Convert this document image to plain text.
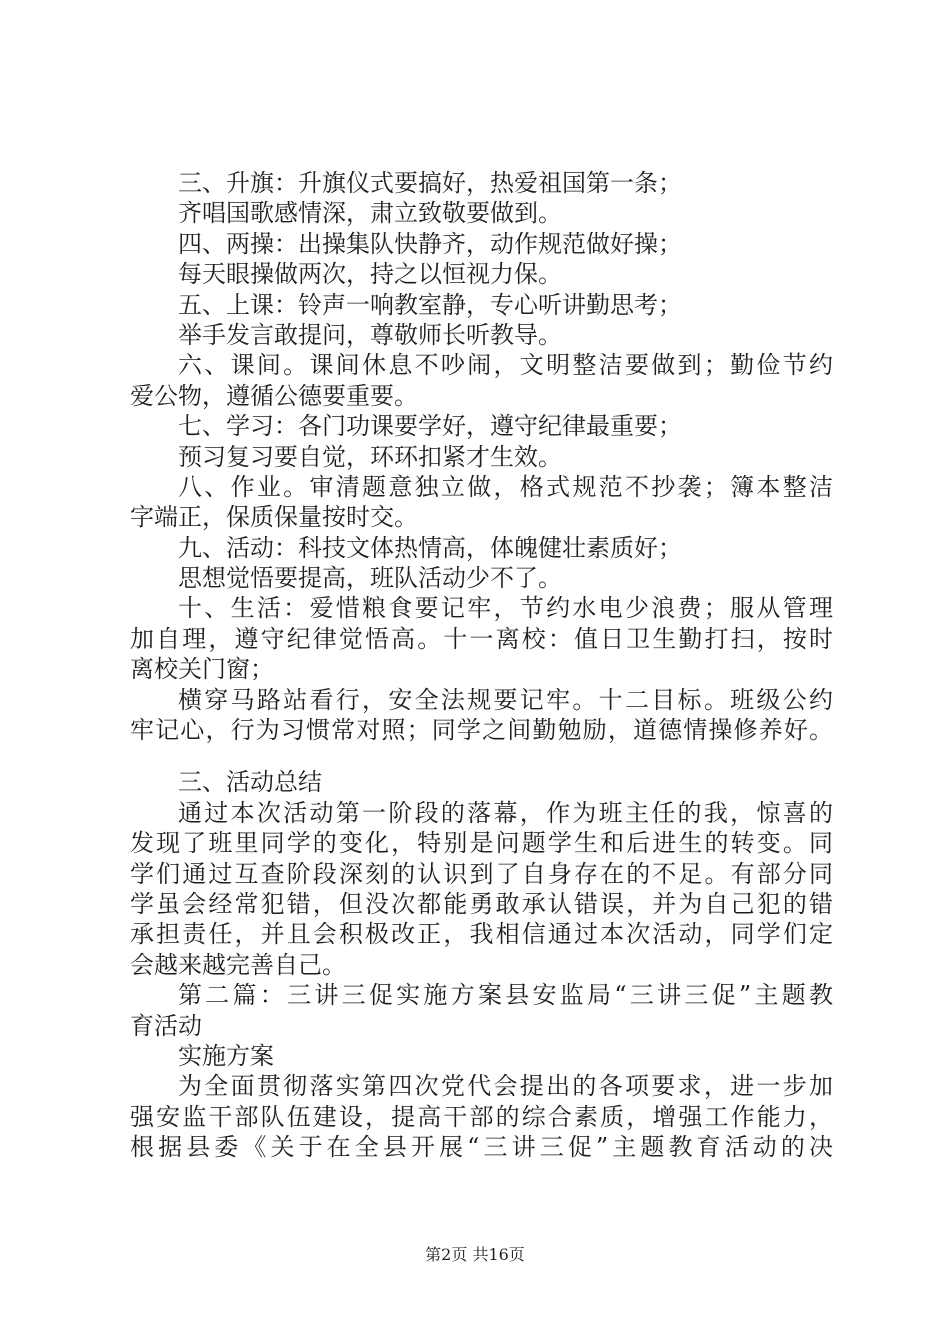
三、升旗：升旗仪式要搞好，热爱祖国第一条；
齐唱国歌感情深，肃立致敬要做到。
四、两操：出操集队快静齐，动作规范做好操；
每天眼操做两次，持之以恒视力保。
五、上课：铃声一响教室静，专心听讲勤思考；
举手发言敢提问，尊敬师长听教导。
六、课间。课间休息不吵闹，文明整洁要做到；勤俭节约
爱公物，遵循公德要重要。
七、学习：各门功课要学好，遵守纪律最重要；
预习复习要自觉，环环扣紧才生效。
八、作业。审清题意独立做，格式规范不抄袭；簿本整洁
字端正，保质保量按时交。
九、活动：科技文体热情高，体魄健壮素质好；
思想觉悟要提高，班队活动少不了。
十、生活：爱惜粮食要记牢，节约水电少浪费；服从管理
加自理，遵守纪律觉悟高。十一离校：值日卫生勤打扫，按时
离校关门窗；
横穿马路站看行，安全法规要记牢。十二目标。班级公约
牢记心，行为习惯常对照；同学之间勤勉励，道德情操修养好。
三、活动总结
通过本次活动第一阶段的落幕，作为班主任的我，惊喜的
发现了班里同学的变化，特别是问题学生和后进生的转变。同
学们通过互查阶段深刻的认识到了自身存在的不足。有部分同
学虽会经常犯错，但没次都能勇敢承认错误，并为自己犯的错
承担责任，并且会积极改正，我相信通过本次活动，同学们定
会越来越完善自己。
第二篇：三讲三促实施方案县安监局“三讲三促”主题教
育活动
实施方案
为全面贯彻落实第四次党代会提出的各项要求，进一步加
强安监干部队伍建设，提高干部的综合素质，增强工作能力，
根据县委《关于在全县开展“三讲三促”主题教育活动的决
第2页 共16页
